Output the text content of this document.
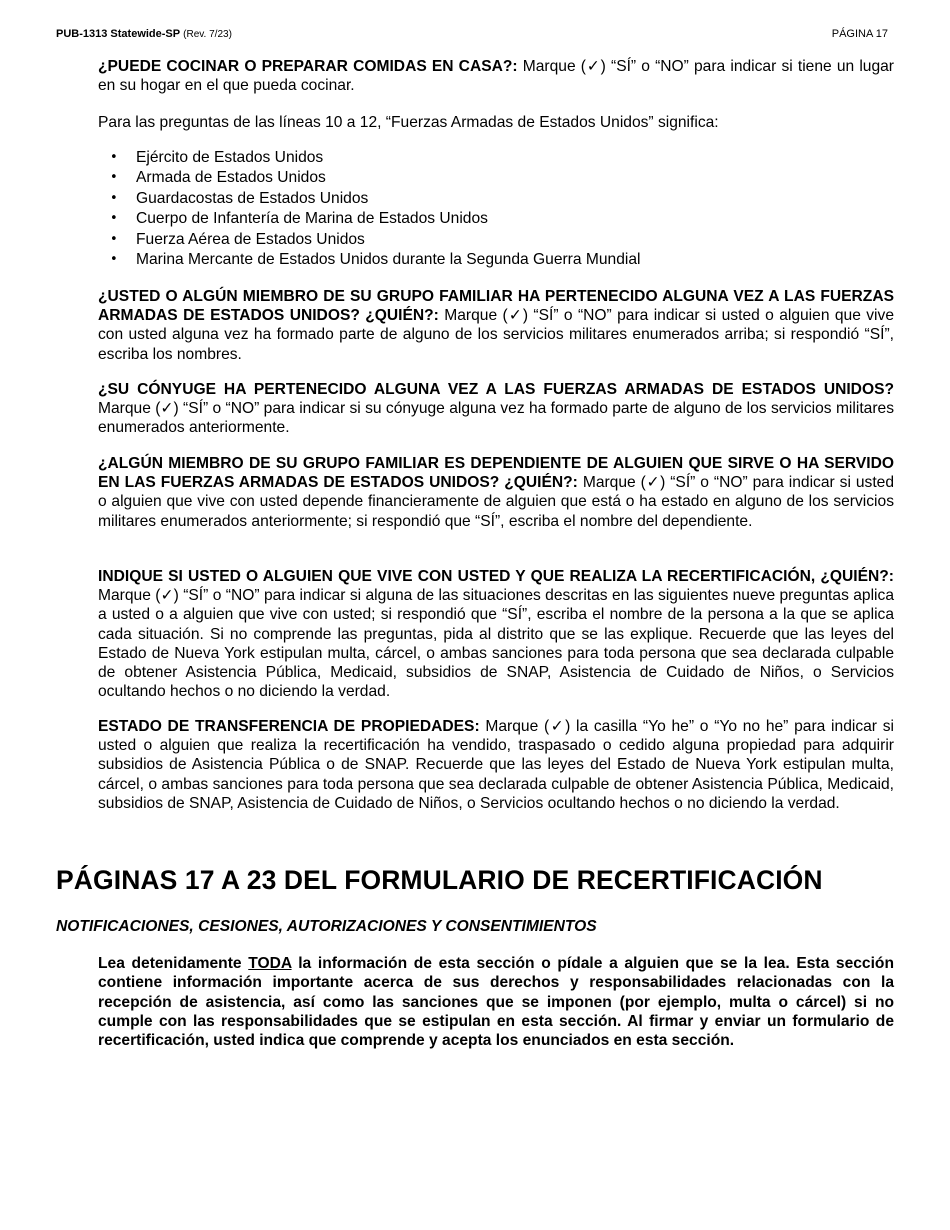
PUB-1313 Statewide-SP (Rev. 7/23)	PÁGINA 17

¿PUEDE COCINAR O PREPARAR COMIDAS EN CASA?: Marque (✓) “SÍ” o “NO” para indicar si tiene un lugar en su hogar en el que pueda cocinar.

Para las preguntas de las líneas 10 a 12, “Fuerzas Armadas de Estados Unidos” significa:

• Ejército de Estados Unidos
• Armada de Estados Unidos
• Guardacostas de Estados Unidos
• Cuerpo de Infantería de Marina de Estados Unidos
• Fuerza Aérea de Estados Unidos
• Marina Mercante de Estados Unidos durante la Segunda Guerra Mundial

¿USTED O ALGÚN MIEMBRO DE SU GRUPO FAMILIAR HA PERTENECIDO ALGUNA VEZ A LAS FUERZAS ARMADAS DE ESTADOS UNIDOS? ¿QUIÉN?: Marque (✓) “SÍ” o “NO” para indicar si usted o alguien que vive con usted alguna vez ha formado parte de alguno de los servicios militares enumerados arriba; si respondió “SÍ”, escriba los nombres.

¿SU CÓNYUGE HA PERTENECIDO ALGUNA VEZ A LAS FUERZAS ARMADAS DE ESTADOS UNIDOS? Marque (✓) “SÍ” o “NO” para indicar si su cónyuge alguna vez ha formado parte de alguno de los servicios militares enumerados anteriormente.

¿ALGÚN MIEMBRO DE SU GRUPO FAMILIAR ES DEPENDIENTE DE ALGUIEN QUE SIRVE O HA SERVIDO EN LAS FUERZAS ARMADAS DE ESTADOS UNIDOS? ¿QUIÉN?: Marque (✓) “SÍ” o “NO” para indicar si usted o alguien que vive con usted depende financieramente de alguien que está o ha estado en alguno de los servicios militares enumerados anteriormente; si respondió que “SÍ”, escriba el nombre del dependiente.

INDIQUE SI USTED O ALGUIEN QUE VIVE CON USTED Y QUE REALIZA LA RECERTIFICACIÓN, ¿QUIÉN?: Marque (✓) “SÍ” o “NO” para indicar si alguna de las situaciones descritas en las siguientes nueve preguntas aplica a usted o a alguien que vive con usted; si respondió que “SÍ”, escriba el nombre de la persona a la que se aplica cada situación. Si no comprende las preguntas, pida al distrito que se las explique. Recuerde que las leyes del Estado de Nueva York estipulan multa, cárcel, o ambas sanciones para toda persona que sea declarada culpable de obtener Asistencia Pública, Medicaid, subsidios de SNAP, Asistencia de Cuidado de Niños, o Servicios ocultando hechos o no diciendo la verdad.

ESTADO DE TRANSFERENCIA DE PROPIEDADES: Marque (✓) la casilla “Yo he” o “Yo no he” para indicar si usted o alguien que realiza la recertificación ha vendido, traspasado o cedido alguna propiedad para adquirir subsidios de Asistencia Pública o de SNAP. Recuerde que las leyes del Estado de Nueva York estipulan multa, cárcel, o ambas sanciones para toda persona que sea declarada culpable de obtener Asistencia Pública, Medicaid, subsidios de SNAP, Asistencia de Cuidado de Niños, o Servicios ocultando hechos o no diciendo la verdad.

PÁGINAS 17 A 23 DEL FORMULARIO DE RECERTIFICACIÓN
NOTIFICACIONES, CESIONES, AUTORIZACIONES Y CONSENTIMIENTOS

Lea detenidamente TODA la información de esta sección o pídale a alguien que se la lea. Esta sección contiene información importante acerca de sus derechos y responsabilidades relacionadas con la recepción de asistencia, así como las sanciones que se imponen (por ejemplo, multa o cárcel) si no cumple con las responsabilidades que se estipulan en esta sección. Al firmar y enviar un formulario de recertificación, usted indica que comprende y acepta los enunciados en esta sección.
